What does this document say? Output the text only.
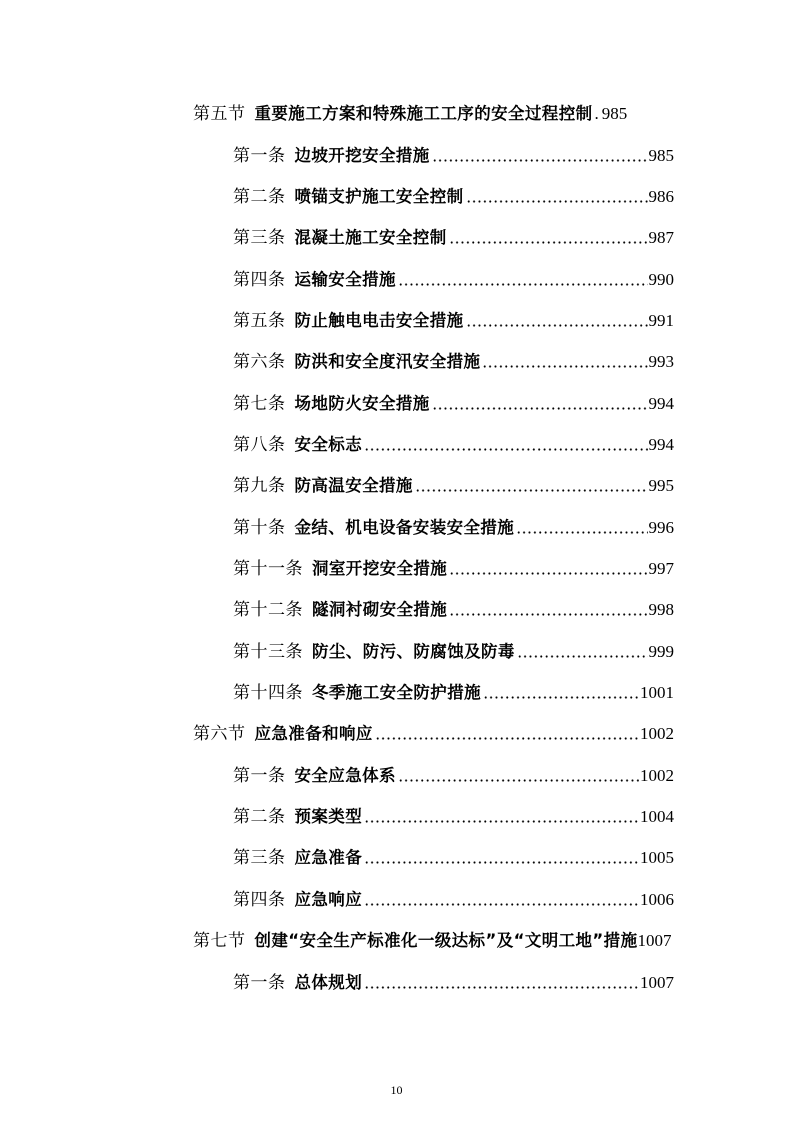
第五节 重要施工方案和特殊施工工序的安全过程控制 . 985
第一条 边坡开挖安全措施	985
第二条 喷锚支护施工安全控制	986
第三条 混凝土施工安全控制	987
第四条 运输安全措施	990
第五条 防止触电电击安全措施	991
第六条 防洪和安全度汛安全措施	993
第七条 场地防火安全措施	994
第八条 安全标志	994
第九条 防高温安全措施	995
第十条 金结、机电设备安装安全措施	996
第十一条 洞室开挖安全措施	997
第十二条 隧洞衬砌安全措施	998
第十三条 防尘、防污、防腐蚀及防毒	999
第十四条 冬季施工安全防护措施	1001
第六节 应急准备和响应	1002
第一条 安全应急体系	1002
第二条 预案类型	1004
第三条 应急准备	1005
第四条 应急响应	1006
第七节 创建“安全生产标准化一级达标”及“文明工地”措施 1007
第一条 总体规划	1007
10
